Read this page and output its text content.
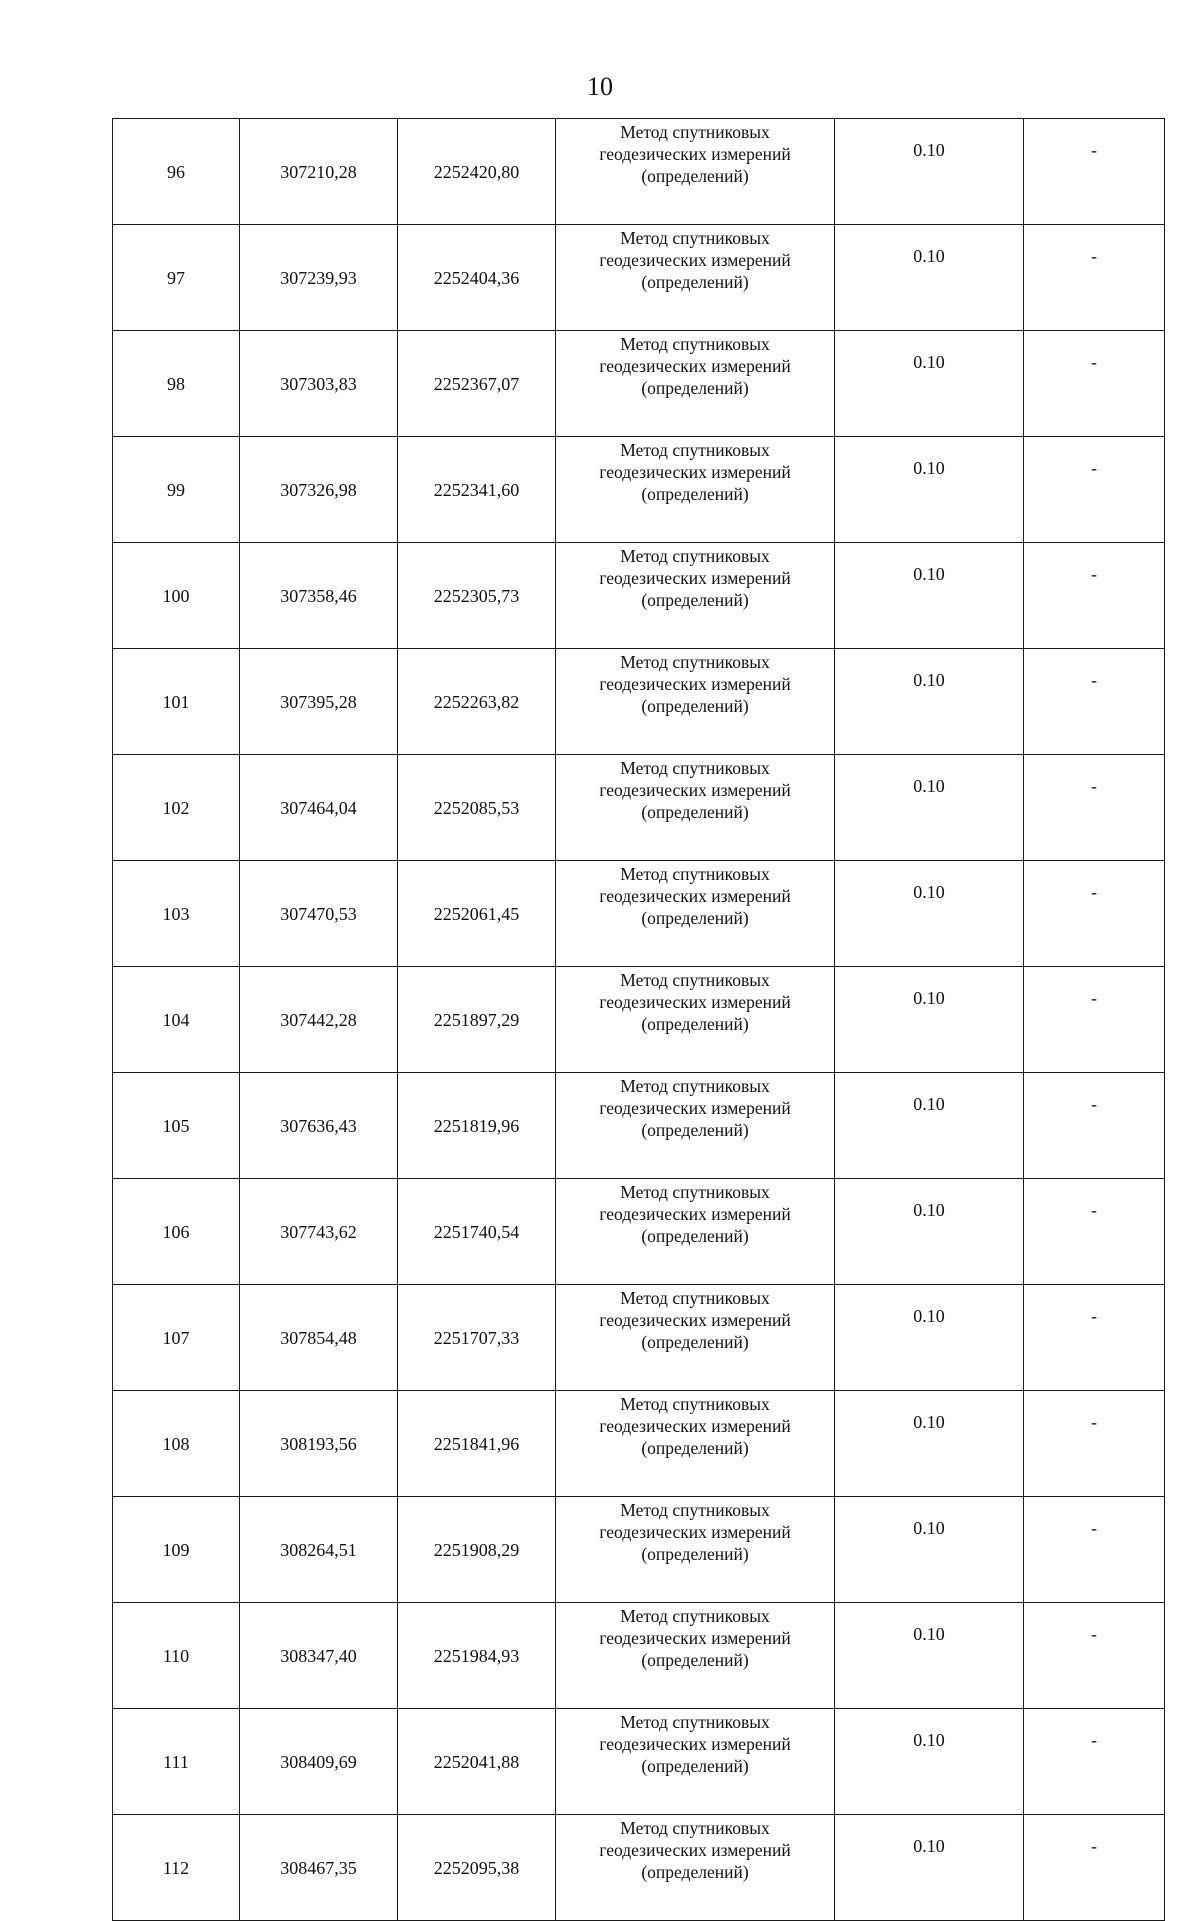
10
96	307210,28	2252420,80	Метод спутниковых
геодезических измерений
(определений)	0.10	-
97	307239,93	2252404,36	Метод спутниковых
геодезических измерений
(определений)	0.10	-
98	307303,83	2252367,07	Метод спутниковых
геодезических измерений
(определений)	0.10	-
99	307326,98	2252341,60	Метод спутниковых
геодезических измерений
(определений)	0.10	-
100	307358,46	2252305,73	Метод спутниковых
геодезических измерений
(определений)	0.10	-
101	307395,28	2252263,82	Метод спутниковых
геодезических измерений
(определений)	0.10	-
102	307464,04	2252085,53	Метод спутниковых
геодезических измерений
(определений)	0.10	-
103	307470,53	2252061,45	Метод спутниковых
геодезических измерений
(определений)	0.10	-
104	307442,28	2251897,29	Метод спутниковых
геодезических измерений
(определений)	0.10	-
105	307636,43	2251819,96	Метод спутниковых
геодезических измерений
(определений)	0.10	-
106	307743,62	2251740,54	Метод спутниковых
геодезических измерений
(определений)	0.10	-
107	307854,48	2251707,33	Метод спутниковых
геодезических измерений
(определений)	0.10	-
108	308193,56	2251841,96	Метод спутниковых
геодезических измерений
(определений)	0.10	-
109	308264,51	2251908,29	Метод спутниковых
геодезических измерений
(определений)	0.10	-
110	308347,40	2251984,93	Метод спутниковых
геодезических измерений
(определений)	0.10	-
111	308409,69	2252041,88	Метод спутниковых
геодезических измерений
(определений)	0.10	-
112	308467,35	2252095,38	Метод спутниковых
геодезических измерений
(определений)	0.10	-
